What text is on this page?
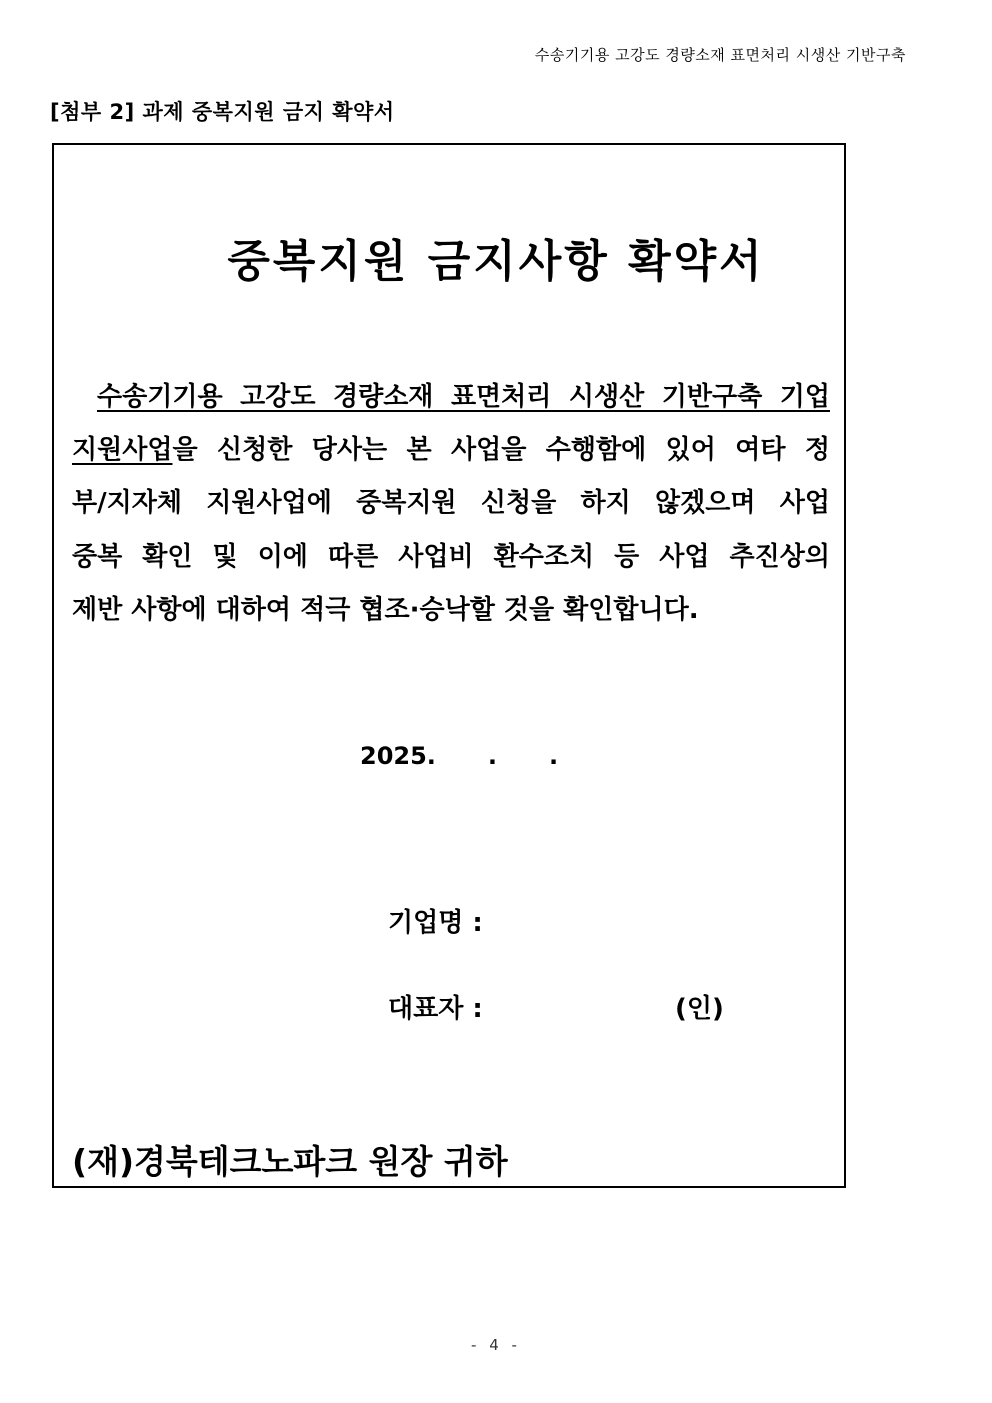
수송기기용 고강도 경량소재 표면처리 시생산 기반구축
[첨부 2] 과제 중복지원 금지 확약서
중복지원 금지사항 확약서
수송기기용 고강도 경량소재 표면처리 시생산 기반구축 기업
지원사업을 신청한 당사는 본 사업을 수행함에 있어 여타 정
부/지자체 지원사업에 중복지원 신청을 하지 않겠으며 사업
중복 확인 및 이에 따른 사업비 환수조치 등 사업 추진상의
제반 사항에 대하여 적극 협조·승낙할 것을 확인합니다.
2025. . .
기업명 :
대표자 :	(인)
(재)경북테크노파크 원장 귀하
- 4 -
